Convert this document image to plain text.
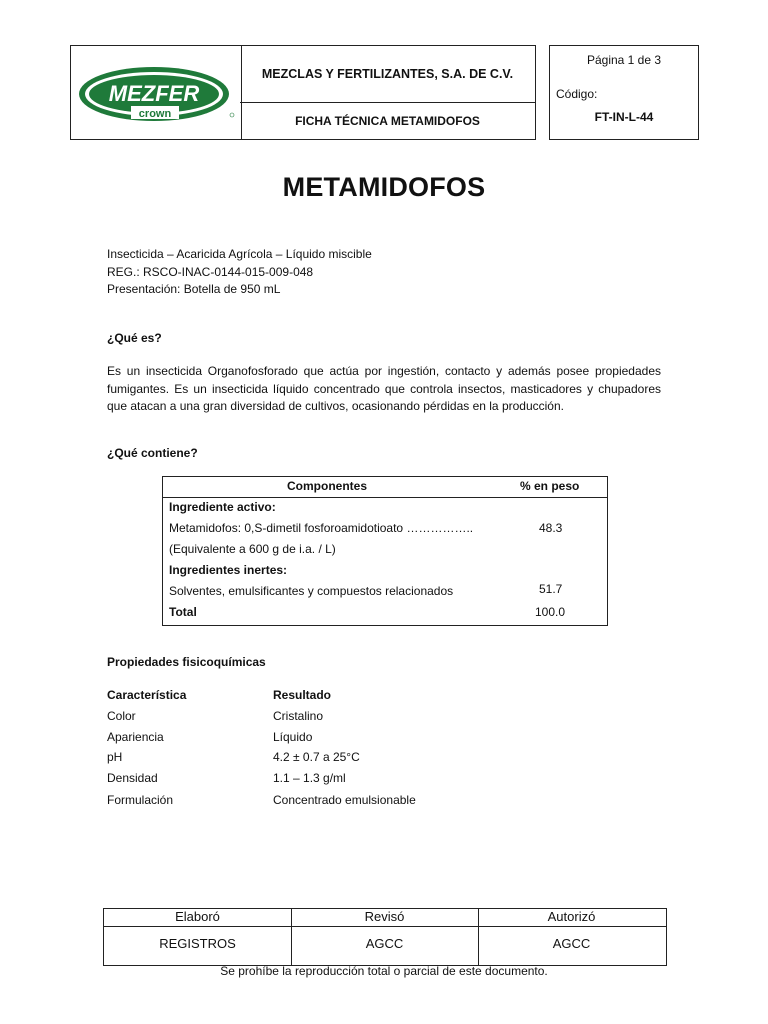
MEZFER
crown
MEZCLAS Y FERTILIZANTES, S.A. DE C.V.
FICHA TÉCNICA METAMIDOFOS
Página 1 de 3
Código:
FT-IN-L-44
METAMIDOFOS
Insecticida – Acaricida Agrícola – Líquido miscible
REG.: RSCO-INAC-0144-015-009-048
Presentación: Botella de 950 mL
¿Qué es?
Es un insecticida Organofosforado que actúa por ingestión, contacto y además posee propiedades fumigantes. Es un insecticida líquido concentrado que controla insectos, masticadores y chupadores que atacan a una gran diversidad de cultivos, ocasionando pérdidas en la producción.
¿Qué contiene?
Componentes	% en peso
Ingrediente activo:
Metamidofos: 0,S-dimetil fosforoamidotioato ……………..	48.3
(Equivalente a 600 g de i.a. / L)
Ingredientes inertes:
Solventes, emulsificantes y compuestos relacionados	51.7
Total	100.0
Propiedades fisicoquímicas
Característica	Resultado
Color	Cristalino
Apariencia	Líquido
pH	4.2 ± 0.7 a 25°C
Densidad	1.1 – 1.3 g/ml
Formulación	Concentrado emulsionable
Elaboró	Revisó	Autorizó
REGISTROS	AGCC	AGCC
Se prohíbe la reproducción total o parcial de este documento.
